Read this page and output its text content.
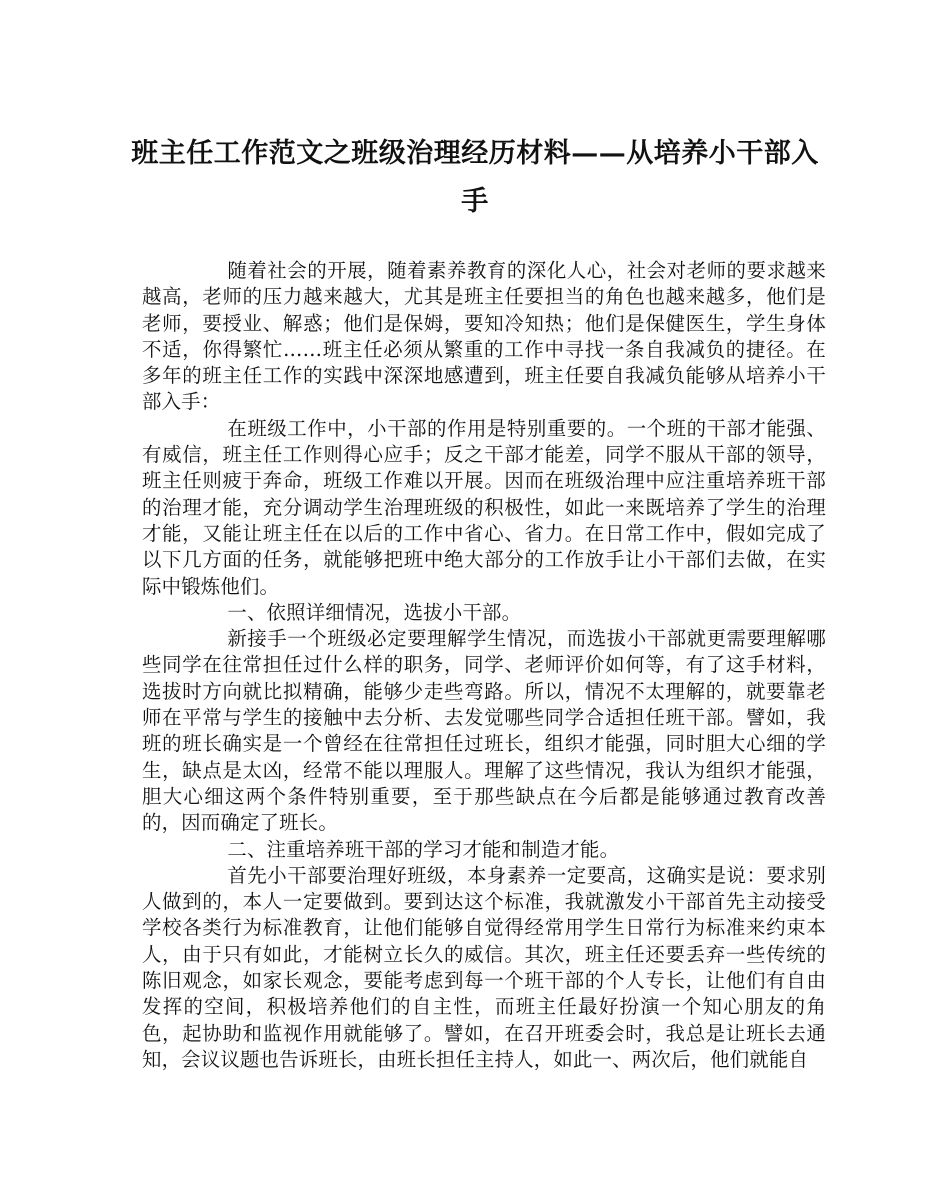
班主任工作范文之班级治理经历材料——从培养小干部入手

随着社会的开展，随着素养教育的深化人心，社会对老师的要求越来越高，老师的压力越来越大，尤其是班主任要担当的角色也越来越多，他们是老师，要授业、解惑；他们是保姆，要知冷知热；他们是保健医生，学生身体不适，你得繁忙……班主任必须从繁重的工作中寻找一条自我减负的捷径。在多年的班主任工作的实践中深深地感遭到，班主任要自我减负能够从培养小干部入手：

在班级工作中，小干部的作用是特别重要的。一个班的干部才能强、有威信，班主任工作则得心应手；反之干部才能差，同学不服从干部的领导，班主任则疲于奔命，班级工作难以开展。因而在班级治理中应注重培养班干部的治理才能，充分调动学生治理班级的积极性，如此一来既培养了学生的治理才能，又能让班主任在以后的工作中省心、省力。在日常工作中，假如完成了以下几方面的任务，就能够把班中绝大部分的工作放手让小干部们去做，在实际中锻炼他们。

一、依照详细情况，选拔小干部。

新接手一个班级必定要理解学生情况，而选拔小干部就更需要理解哪些同学在往常担任过什么样的职务，同学、老师评价如何等，有了这手材料，选拔时方向就比拟精确，能够少走些弯路。所以，情况不太理解的，就要靠老师在平常与学生的接触中去分析、去发觉哪些同学合适担任班干部。譬如，我班的班长确实是一个曾经在往常担任过班长，组织才能强，同时胆大心细的学生，缺点是太凶，经常不能以理服人。理解了这些情况，我认为组织才能强，胆大心细这两个条件特别重要，至于那些缺点在今后都是能够通过教育改善的，因而确定了班长。

二、注重培养班干部的学习才能和制造才能。

首先小干部要治理好班级，本身素养一定要高，这确实是说：要求别人做到的，本人一定要做到。要到达这个标准，我就激发小干部首先主动接受学校各类行为标准教育，让他们能够自觉得经常用学生日常行为标准来约束本人，由于只有如此，才能树立长久的威信。其次，班主任还要丢弃一些传统的陈旧观念，如家长观念，要能考虑到每一个班干部的个人专长，让他们有自由发挥的空间，积极培养他们的自主性，而班主任最好扮演一个知心朋友的角色，起协助和监视作用就能够了。譬如，在召开班委会时，我总是让班长去通知，会议议题也告诉班长，由班长担任主持人，如此一、两次后，他们就能自
